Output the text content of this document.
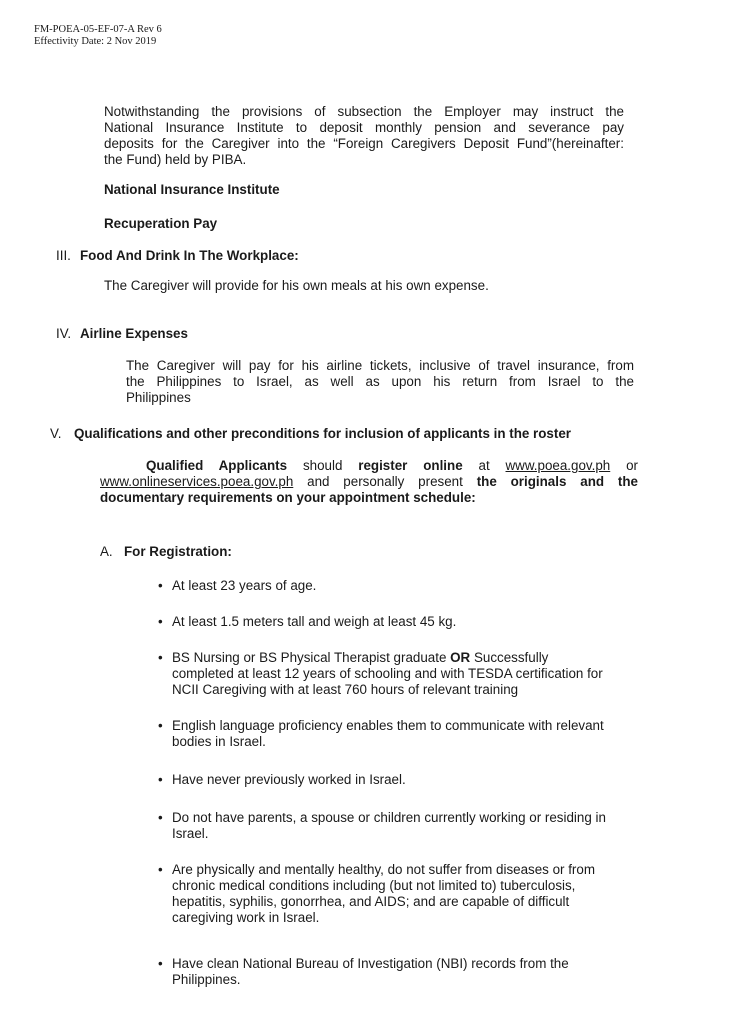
FM-POEA-05-EF-07-A Rev 6
Effectivity Date: 2 Nov 2019
Notwithstanding the provisions of subsection the Employer may instruct the
National Insurance Institute to deposit monthly pension and severance pay
deposits for the Caregiver into the “Foreign Caregivers Deposit Fund”(hereinafter:
the Fund) held by PIBA.
National Insurance Institute
Recuperation Pay
III. Food And Drink In The Workplace:
The Caregiver will provide for his own meals at his own expense.
IV. Airline Expenses
The Caregiver will pay for his airline tickets, inclusive of travel insurance, from
the Philippines to Israel, as well as upon his return from Israel to the
Philippines
V. Qualifications and other preconditions for inclusion of applicants in the roster
Qualified Applicants should register online at www.poea.gov.ph or
www.onlineservices.poea.gov.ph and personally present the originals and the
documentary requirements on your appointment schedule:
A. For Registration:
• At least 23 years of age.
• At least 1.5 meters tall and weigh at least 45 kg.
• BS Nursing or BS Physical Therapist graduate OR Successfully
completed at least 12 years of schooling and with TESDA certification for
NCII Caregiving with at least 760 hours of relevant training
• English language proficiency enables them to communicate with relevant
bodies in Israel.
• Have never previously worked in Israel.
• Do not have parents, a spouse or children currently working or residing in
Israel.
• Are physically and mentally healthy, do not suffer from diseases or from
chronic medical conditions including (but not limited to) tuberculosis,
hepatitis, syphilis, gonorrhea, and AIDS; and are capable of difficult
caregiving work in Israel.
• Have clean National Bureau of Investigation (NBI) records from the
Philippines.
